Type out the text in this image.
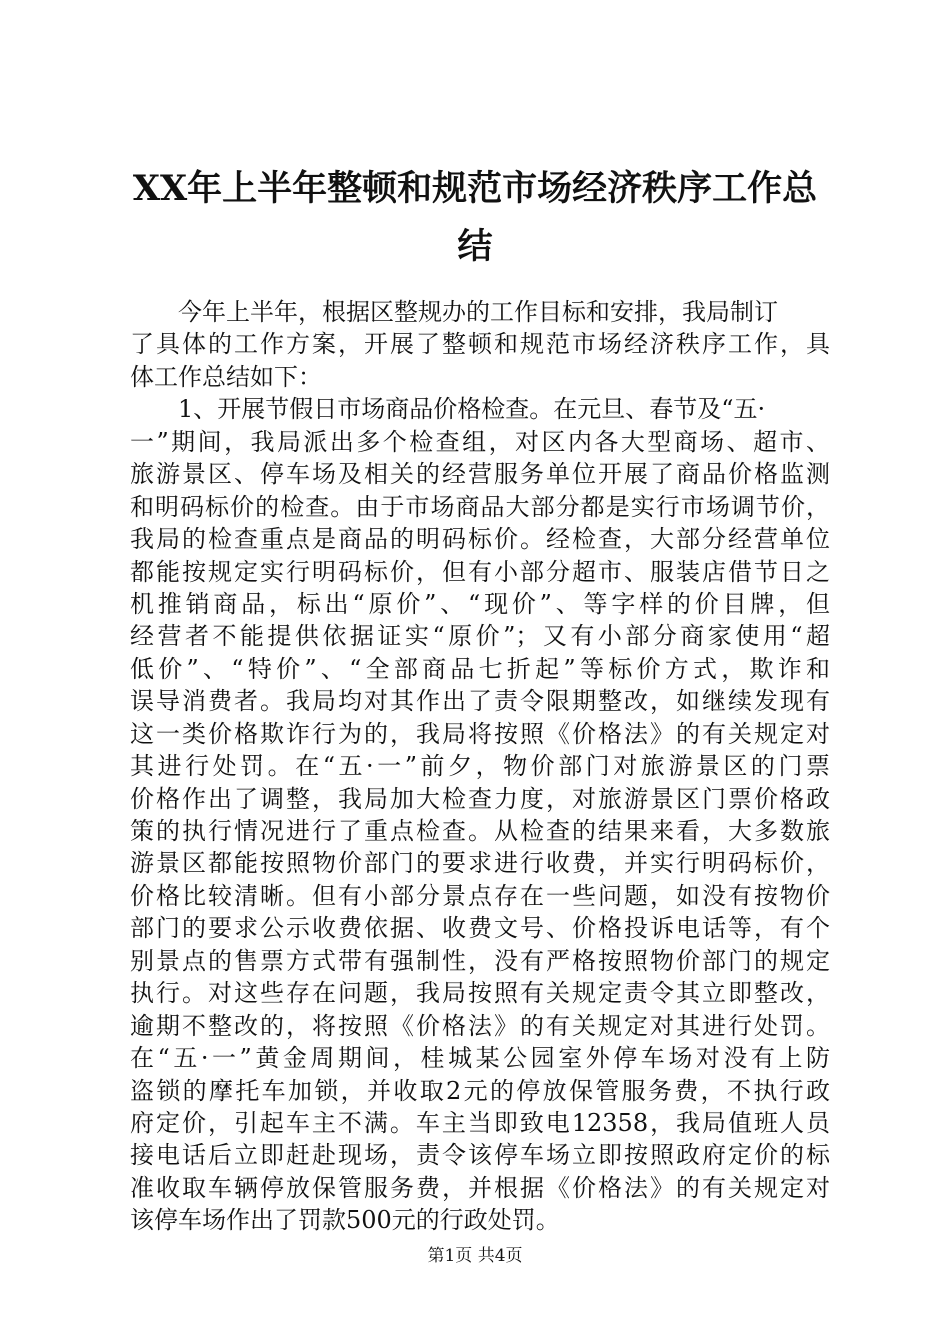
XX年上半年整顿和规范市场经济秩序工作总
结
今年上半年，根据区整规办的工作目标和安排，我局制订
了具体的工作方案，开展了整顿和规范市场经济秩序工作，具
体工作总结如下：
1、开展节假日市场商品价格检查。在元旦、春节及“五·
一”期间，我局派出多个检查组，对区内各大型商场、超市、
旅游景区、停车场及相关的经营服务单位开展了商品价格监测
和明码标价的检查。由于市场商品大部分都是实行市场调节价，
我局的检查重点是商品的明码标价。经检查，大部分经营单位
都能按规定实行明码标价，但有小部分超市、服装店借节日之
机推销商品，标出“原价”、“现价”、等字样的价目牌，但
经营者不能提供依据证实“原价”；又有小部分商家使用“超
低价”、“特价”、“全部商品七折起”等标价方式，欺诈和
误导消费者。我局均对其作出了责令限期整改，如继续发现有
这一类价格欺诈行为的，我局将按照《价格法》的有关规定对
其进行处罚。在“五·一”前夕，物价部门对旅游景区的门票
价格作出了调整，我局加大检查力度，对旅游景区门票价格政
策的执行情况进行了重点检查。从检查的结果来看，大多数旅
游景区都能按照物价部门的要求进行收费，并实行明码标价，
价格比较清晰。但有小部分景点存在一些问题，如没有按物价
部门的要求公示收费依据、收费文号、价格投诉电话等，有个
别景点的售票方式带有强制性，没有严格按照物价部门的规定
执行。对这些存在问题，我局按照有关规定责令其立即整改，
逾期不整改的，将按照《价格法》的有关规定对其进行处罚。
在“五·一”黄金周期间，桂城某公园室外停车场对没有上防
盗锁的摩托车加锁，并收取2元的停放保管服务费，不执行政
府定价，引起车主不满。车主当即致电12358，我局值班人员
接电话后立即赶赴现场，责令该停车场立即按照政府定价的标
准收取车辆停放保管服务费，并根据《价格法》的有关规定对
该停车场作出了罚款500元的行政处罚。
第1页 共4页
